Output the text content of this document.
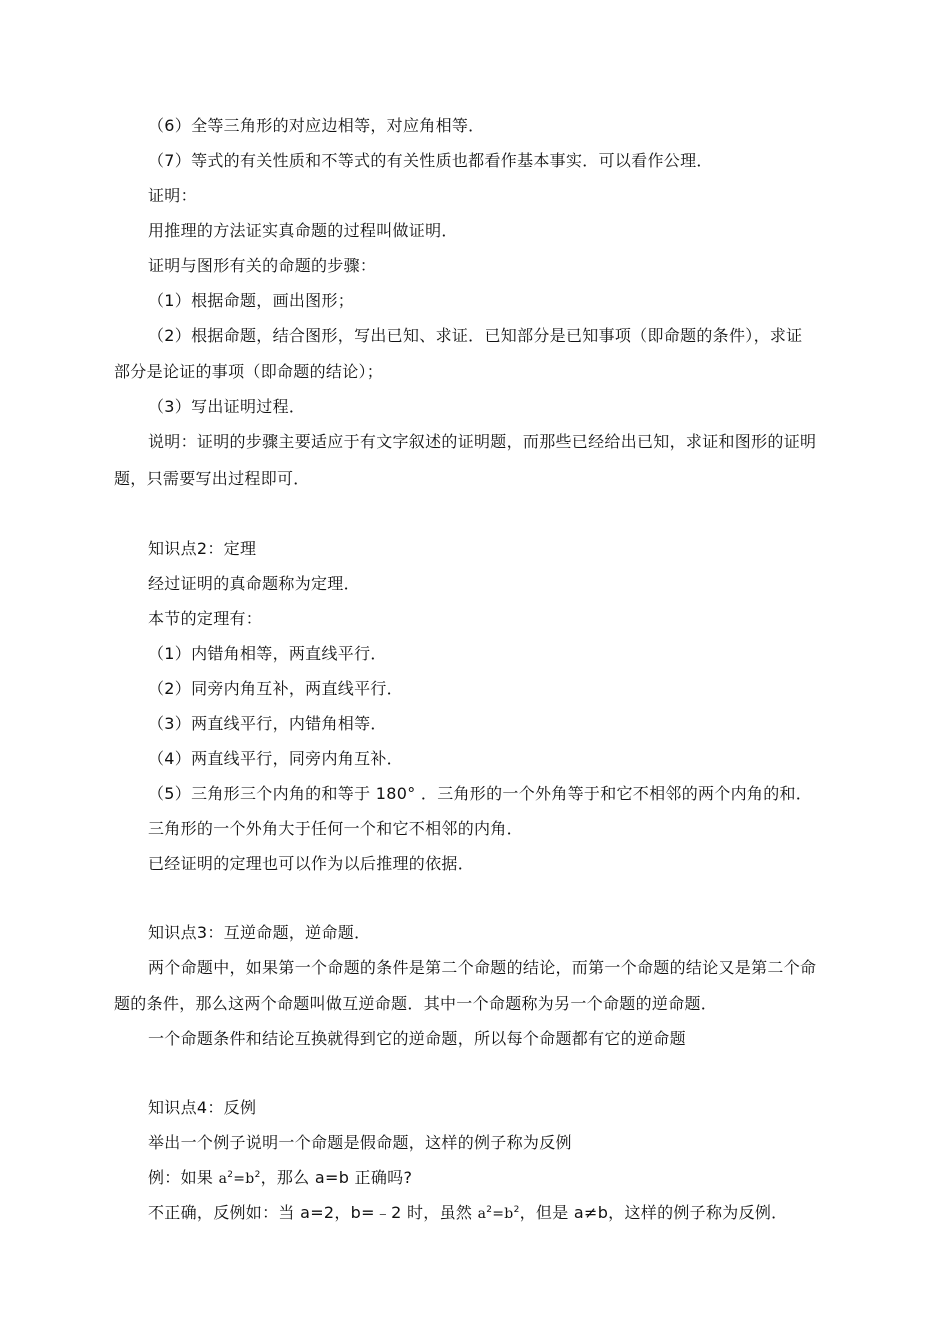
（6）全等三角形的对应边相等，对应角相等．
（7）等式的有关性质和不等式的有关性质也都看作基本事实．可以看作公理．
证明：
用推理的方法证实真命题的过程叫做证明．
证明与图形有关的命题的步骤：
（1）根据命题，画出图形；
（2）根据命题，结合图形，写出已知、求证．已知部分是已知事项（即命题的条件），求证
部分是论证的事项（即命题的结论）；
（3）写出证明过程．
说明：证明的步骤主要适应于有文字叙述的证明题，而那些已经给出已知，求证和图形的证明
题，只需要写出过程即可．
知识点2：定理
经过证明的真命题称为定理．
本节的定理有：
（1）内错角相等，两直线平行．
（2）同旁内角互补，两直线平行．
（3）两直线平行，内错角相等．
（4）两直线平行，同旁内角互补．
（5）三角形三个内角的和等于 180° ．三角形的一个外角等于和它不相邻的两个内角的和．
三角形的一个外角大于任何一个和它不相邻的内角．
已经证明的定理也可以作为以后推理的依据．
知识点3：互逆命题，逆命题．
两个命题中，如果第一个命题的条件是第二个命题的结论，而第一个命题的结论又是第二个命
题的条件，那么这两个命题叫做互逆命题．其中一个命题称为另一个命题的逆命题．
一个命题条件和结论互换就得到它的逆命题，所以每个命题都有它的逆命题
知识点4：反例
举出一个例子说明一个命题是假命题，这样的例子称为反例
例：如果 $a^2=b^2$，那么 a=b 正确吗?
不正确，反例如：当 a=2，b=﹣2 时，虽然 $a^2=b^2$，但是 a≠b，这样的例子称为反例．
